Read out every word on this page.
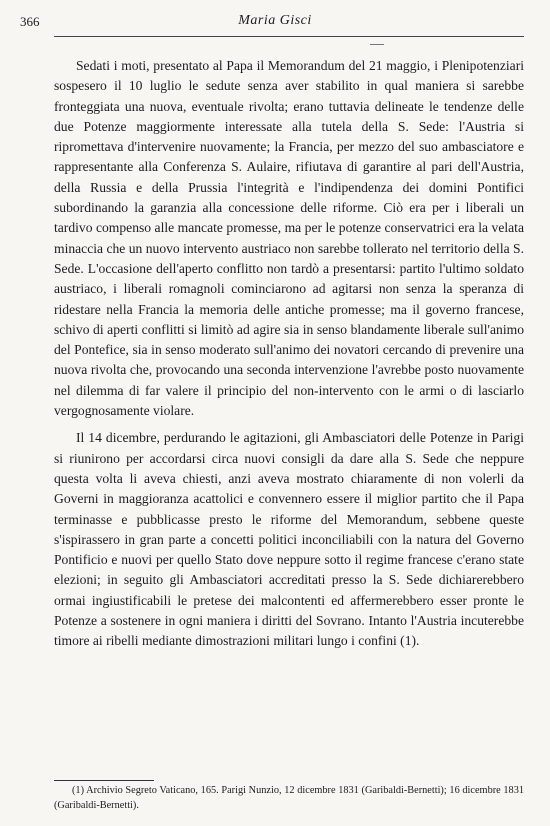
366	Maria Gisci

Sedati i moti, presentato al Papa il Memorandum del 21 maggio, i Plenipotenziari sospesero il 10 luglio le sedute senza aver stabilito in qual maniera si sarebbe fronteggiata una nuova, eventuale rivolta; erano tuttavia delineate le tendenze delle due Potenze maggiormente interessate alla tutela della S. Sede: l'Austria si ripromettava d'intervenire nuovamente; la Francia, per mezzo del suo ambasciatore e rappresentante alla Conferenza S. Aulaire, rifiutava di garantire al pari dell'Austria, della Russia e della Prussia l'integrità e l'indipendenza dei domini Pontifici subordinando la garanzia alla concessione delle riforme. Ciò era per i liberali un tardivo compenso alle mancate promesse, ma per le potenze conservatrici era la velata minaccia che un nuovo intervento austriaco non sarebbe tollerato nel territorio della S. Sede. L'occasione dell'aperto conflitto non tardò a presentarsi: partito l'ultimo soldato austriaco, i liberali romagnoli cominciarono ad agitarsi non senza la speranza di ridestare nella Francia la memoria delle antiche promesse; ma il governo francese, schivo di aperti conflitti si limitò ad agire sia in senso blandamente liberale sull'animo del Pontefice, sia in senso moderato sull'animo dei novatori cercando di prevenire una nuova rivolta che, provocando una seconda intervenzione l'avrebbe posto nuovamente nel dilemma di far valere il principio del non-intervento con le armi o di lasciarlo vergognosamente violare.

Il 14 dicembre, perdurando le agitazioni, gli Ambasciatori delle Potenze in Parigi si riunirono per accordarsi circa nuovi consigli da dare alla S. Sede che neppure questa volta li aveva chiesti, anzi aveva mostrato chiaramente di non volerli da Governi in maggioranza acattolici e convennero essere il miglior partito che il Papa terminasse e pubblicasse presto le riforme del Memorandum, sebbene queste s'ispirassero in gran parte a concetti politici inconciliabili con la natura del Governo Pontificio e nuovi per quello Stato dove neppure sotto il regime francese c'erano state elezioni; in seguito gli Ambasciatori accreditati presso la S. Sede dichiarerebbero ormai ingiustificabili le pretese dei malcontenti ed affermerebbero esser pronte le Potenze a sostenere in ogni maniera i diritti del Sovrano. Intanto l'Austria incuterebbe timore ai ribelli mediante dimostrazioni militari lungo i confini (1).

(1) Archivio Segreto Vaticano, 165. Parigi Nunzio, 12 dicembre 1831 (Garibaldi-Bernetti); 16 dicembre 1831 (Garibaldi-Bernetti).
